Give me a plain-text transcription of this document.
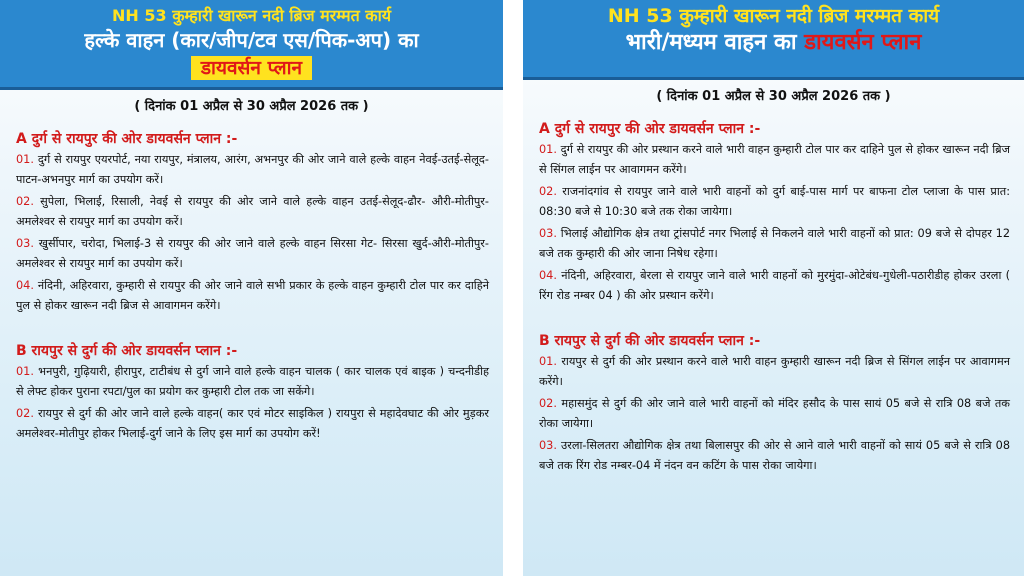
NH 53 कुम्हारी खारून नदी ब्रिज मरम्मत कार्य
हल्के वाहन (कार/जीप/टव एस/पिक-अप) का
डायवर्सन प्लान
( दिनांक 01 अप्रैल से 30 अप्रैल 2026 तक )
A दुर्ग से रायपुर की ओर डायवर्सन प्लान :-
01. दुर्ग से रायपुर एयरपोर्ट, नया रायपुर, मंत्रालय, आरंग, अभनपुर की ओर जाने वाले हल्के वाहन नेवई-उतई-सेलूद-पाटन-अभनपुर मार्ग का उपयोग करें।
02. सुपेला, भिलाई, रिसाली, नेवई से रायपुर की ओर जाने वाले हल्के वाहन उतई-सेलूद-ढौर- औरी-मोतीपुर-अमलेश्वर से रायपुर मार्ग का उपयोग करें।
03. खुर्सीपार, चरोदा, भिलाई-3 से रायपुर की ओर जाने वाले हल्के वाहन सिरसा गेट- सिरसा खुर्द-औरी-मोतीपुर-अमलेश्वर से रायपुर मार्ग का उपयोग करें।
04. नंदिनी, अहिरवारा, कुम्हारी से रायपुर की ओर जाने वाले सभी प्रकार के हल्के वाहन कुम्हारी टोल पार कर दाहिने पुल से होकर खारून नदी ब्रिज से आवागमन करेंगे।
B रायपुर से दुर्ग की ओर डायवर्सन प्लान :-
01. भनपुरी, गुढ़ियारी, हीरापुर, टाटीबंध से दुर्ग जाने वाले हल्के वाहन चालक ( कार चालक एवं बाइक ) चन्दनीडीह से लेफ्ट होकर पुराना रपटा/पुल का प्रयोग कर कुम्हारी टोल तक जा सकेंगे।
02. रायपुर से दुर्ग की ओर जाने वाले हल्के वाहन( कार एवं मोटर साइकिल ) रायपुरा से महादेवघाट की ओर मुड़कर अमलेश्वर-मोतीपुर होकर भिलाई-दुर्ग जाने के लिए इस मार्ग का उपयोग करें!
NH 53 कुम्हारी खारून नदी ब्रिज मरम्मत कार्य
भारी/मध्यम वाहन का डायवर्सन प्लान
( दिनांक 01 अप्रैल से 30 अप्रैल 2026 तक )
A दुर्ग से रायपुर की ओर डायवर्सन प्लान :-
01. दुर्ग से रायपुर की ओर प्रस्थान करने वाले भारी वाहन कुम्हारी टोल पार कर दाहिने पुल से होकर खारून नदी ब्रिज से सिंगल लाईन पर आवागमन करेंगे।
02. राजनांदगांव से रायपुर जाने वाले भारी वाहनों को दुर्ग बाई-पास मार्ग पर बाफना टोल प्लाजा के पास प्रात: 08:30 बजे से 10:30 बजे तक रोका जायेगा।
03. भिलाई औद्योगिक क्षेत्र तथा ट्रांसपोर्ट नगर भिलाई से निकलने वाले भारी वाहनों को प्रात: 09 बजे से दोपहर 12 बजे तक कुम्हारी की ओर जाना निषेध रहेगा।
04. नंदिनी, अहिरवारा, बेरला से रायपुर जाने वाले भारी वाहनों को मुरमुंदा-ओटेबंध-गुधेली-पठारीडीह होकर उरला ( रिंग रोड नम्बर 04 ) की ओर प्रस्थान करेंगे।
B रायपुर से दुर्ग की ओर डायवर्सन प्लान :-
01. रायपुर से दुर्ग की ओर प्रस्थान करने वाले भारी वाहन कुम्हारी खारून नदी ब्रिज से सिंगल लाईन पर आवागमन करेंगे।
02. महासमुंद से दुर्ग की ओर जाने वाले भारी वाहनों को मंदिर हसौद के पास सायं 05 बजे से रात्रि 08 बजे तक रोका जायेगा।
03. उरला-सिलतरा औद्योगिक क्षेत्र तथा बिलासपुर की ओर से आने वाले भारी वाहनों को सायं 05 बजे से रात्रि 08 बजे तक रिंग रोड नम्बर-04 में नंदन वन कटिंग के पास रोका जायेगा।
